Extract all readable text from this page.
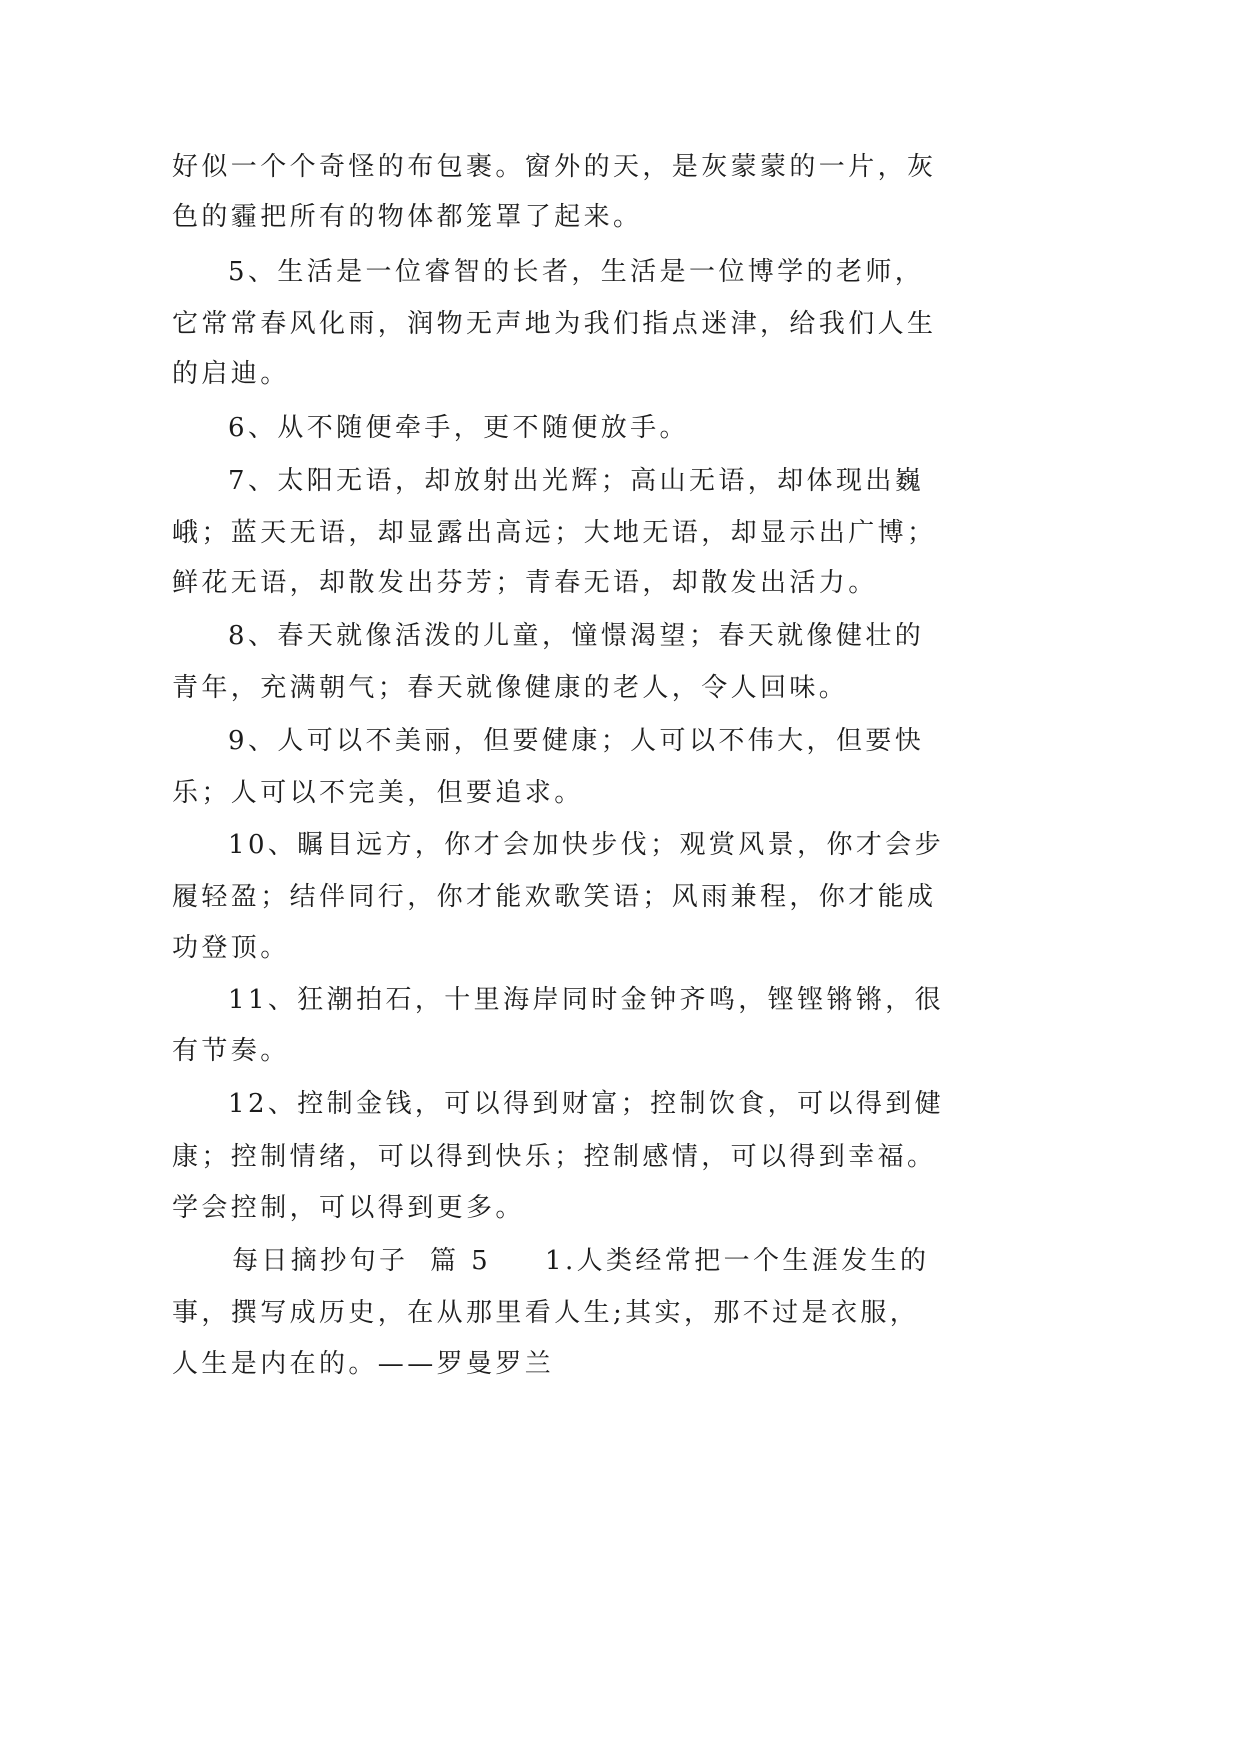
好似一个个奇怪的布包裹。窗外的天，是灰蒙蒙的一片，灰
色的霾把所有的物体都笼罩了起来。
5、生活是一位睿智的长者，生活是一位博学的老师，
它常常春风化雨，润物无声地为我们指点迷津，给我们人生
的启迪。
6、从不随便牵手，更不随便放手。
7、太阳无语，却放射出光辉；高山无语，却体现出巍
峨；蓝天无语，却显露出高远；大地无语，却显示出广博；
鲜花无语，却散发出芬芳；青春无语，却散发出活力。
8、春天就像活泼的儿童，憧憬渴望；春天就像健壮的
青年，充满朝气；春天就像健康的老人，令人回味。
9、人可以不美丽，但要健康；人可以不伟大，但要快
乐；人可以不完美，但要追求。
10、瞩目远方，你才会加快步伐；观赏风景，你才会步
履轻盈；结伴同行，你才能欢歌笑语；风雨兼程，你才能成
功登顶。
11、狂潮拍石，十里海岸同时金钟齐鸣，铿铿锵锵，很
有节奏。
12、控制金钱，可以得到财富；控制饮食，可以得到健
康；控制情绪，可以得到快乐；控制感情，可以得到幸福。
学会控制，可以得到更多。
每日摘抄句子 篇 5 1.人类经常把一个生涯发生的
事，撰写成历史，在从那里看人生;其实，那不过是衣服，
人生是内在的。——罗曼罗兰
